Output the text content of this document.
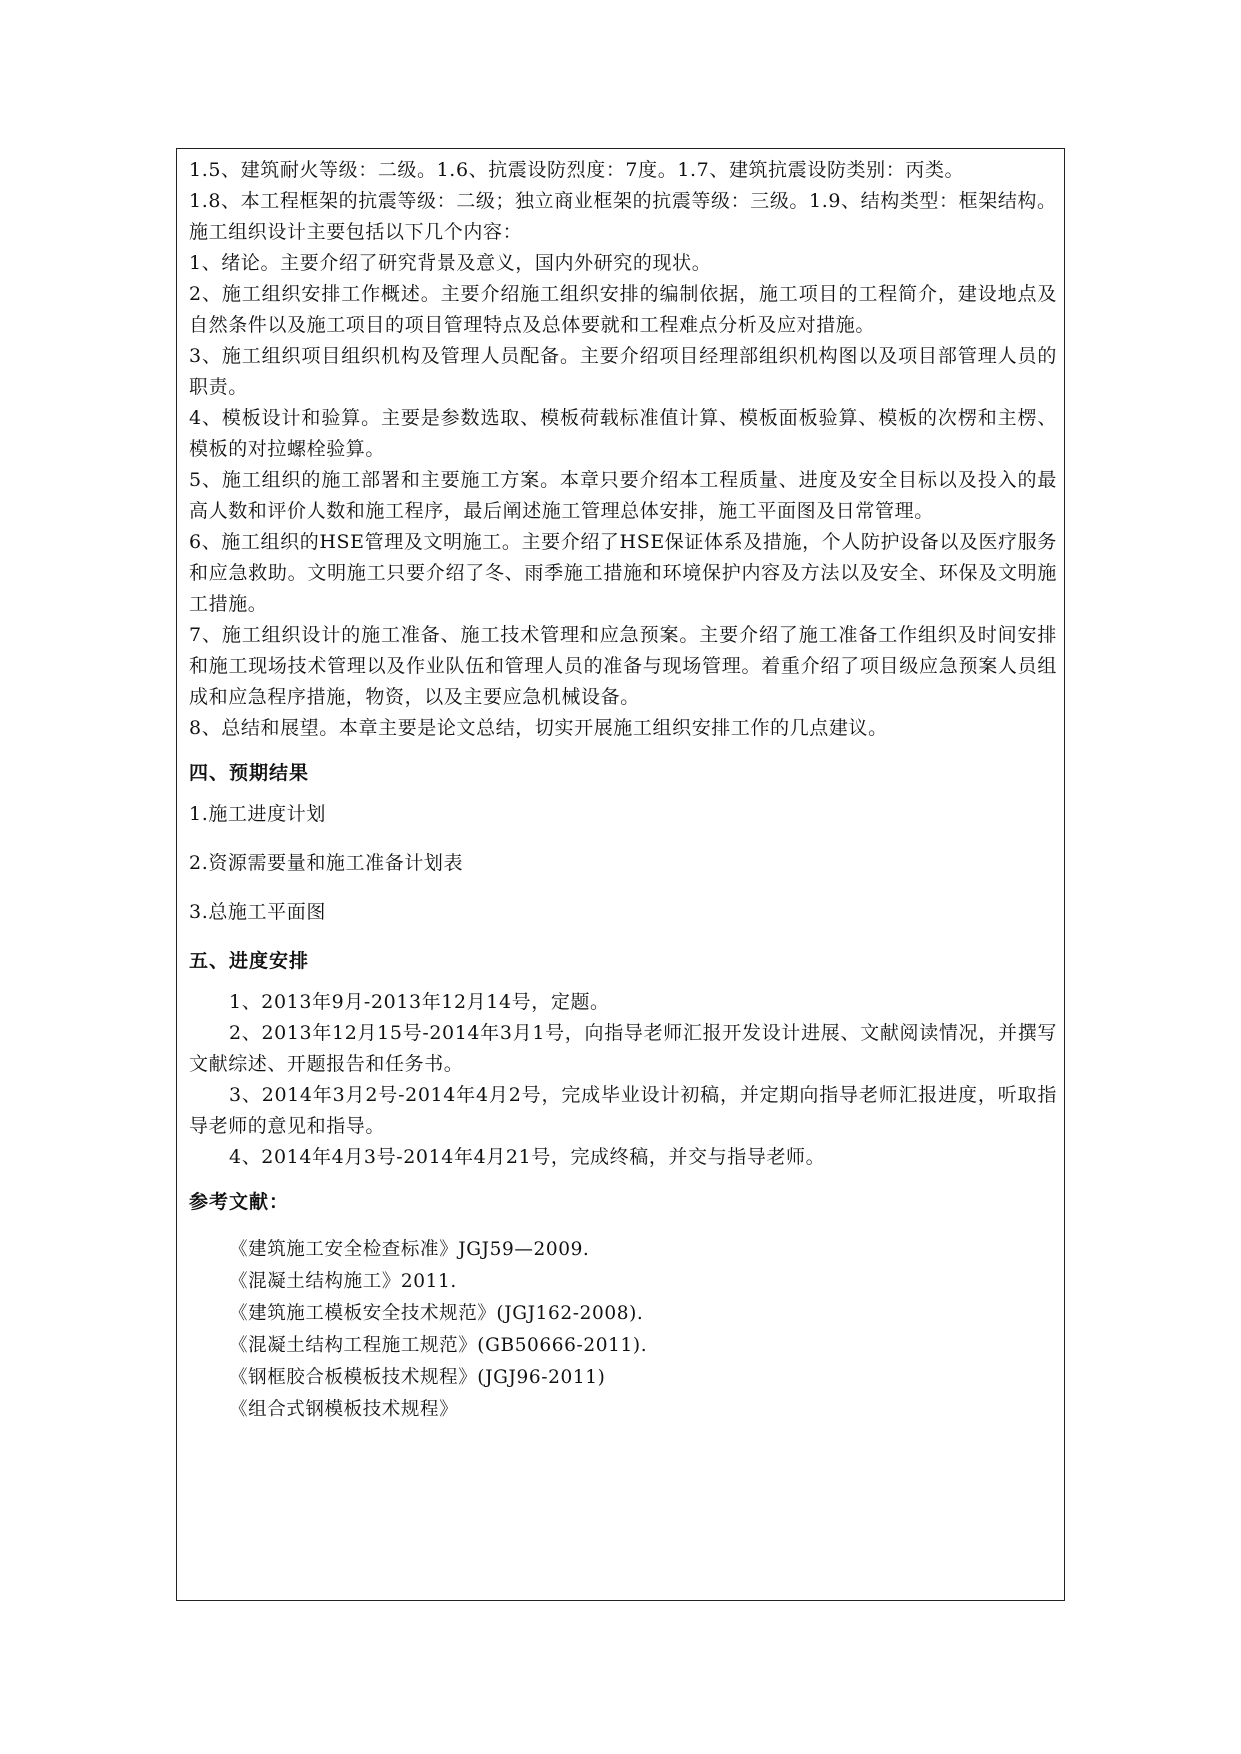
1.5、建筑耐火等级：二级。1.6、抗震设防烈度：7度。1.7、建筑抗震设防类别：丙类。

1.8、本工程框架的抗震等级：二级；独立商业框架的抗震等级：三级。1.9、结构类型：框架结构。

施工组织设计主要包括以下几个内容：

1、绪论。主要介绍了研究背景及意义，国内外研究的现状。

2、施工组织安排工作概述。主要介绍施工组织安排的编制依据，施工项目的工程简介，建设地点及自然条件以及施工项目的项目管理特点及总体要就和工程难点分析及应对措施。

3、施工组织项目组织机构及管理人员配备。主要介绍项目经理部组织机构图以及项目部管理人员的职责。

4、模板设计和验算。主要是参数选取、模板荷载标准值计算、模板面板验算、模板的次楞和主楞、模板的对拉螺栓验算。

5、施工组织的施工部署和主要施工方案。本章只要介绍本工程质量、进度及安全目标以及投入的最高人数和评价人数和施工程序，最后阐述施工管理总体安排，施工平面图及日常管理。

6、施工组织的HSE管理及文明施工。主要介绍了HSE保证体系及措施，个人防护设备以及医疗服务和应急救助。文明施工只要介绍了冬、雨季施工措施和环境保护内容及方法以及安全、环保及文明施工措施。

7、施工组织设计的施工准备、施工技术管理和应急预案。主要介绍了施工准备工作组织及时间安排和施工现场技术管理以及作业队伍和管理人员的准备与现场管理。着重介绍了项目级应急预案人员组成和应急程序措施，物资，以及主要应急机械设备。

8、总结和展望。本章主要是论文总结，切实开展施工组织安排工作的几点建议。

四、预期结果

1.施工进度计划

2.资源需要量和施工准备计划表

3.总施工平面图

五、进度安排

1、2013年9月-2013年12月14号，定题。

2、2013年12月15号-2014年3月1号，向指导老师汇报开发设计进展、文献阅读情况，并撰写文献综述、开题报告和任务书。

3、2014年3月2号-2014年4月2号，完成毕业设计初稿，并定期向指导老师汇报进度，听取指导老师的意见和指导。

4、2014年4月3号-2014年4月21号，完成终稿，并交与指导老师。

参考文献：

《建筑施工安全检查标准》JGJ59—2009.

《混凝土结构施工》2011.

《建筑施工模板安全技术规范》(JGJ162-2008).

《混凝土结构工程施工规范》(GB50666-2011).

《钢框胶合板模板技术规程》(JGJ96-2011)

《组合式钢模板技术规程》
